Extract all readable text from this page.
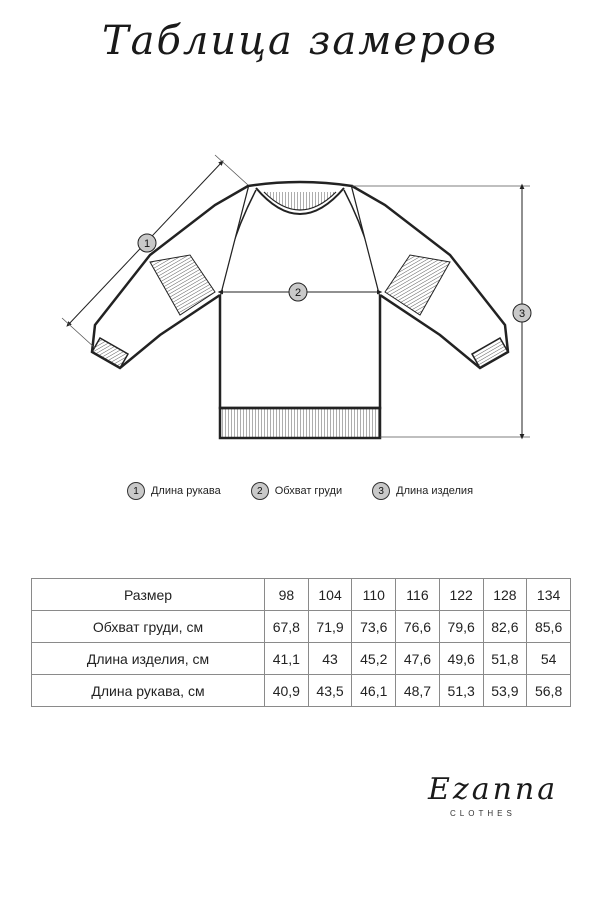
Таблица замеров
1
2
3
1	Длина рукава	2	Обхват груди	3	Длина изделия
Размер	98	104	110	116	122	128	134
Обхват груди, см	67,8	71,9	73,6	76,6	79,6	82,6	85,6
Длина изделия, см	41,1	43	45,2	47,6	49,6	51,8	54
Длина рукава, см	40,9	43,5	46,1	48,7	51,3	53,9	56,8
Ezanna
CLOTHES
